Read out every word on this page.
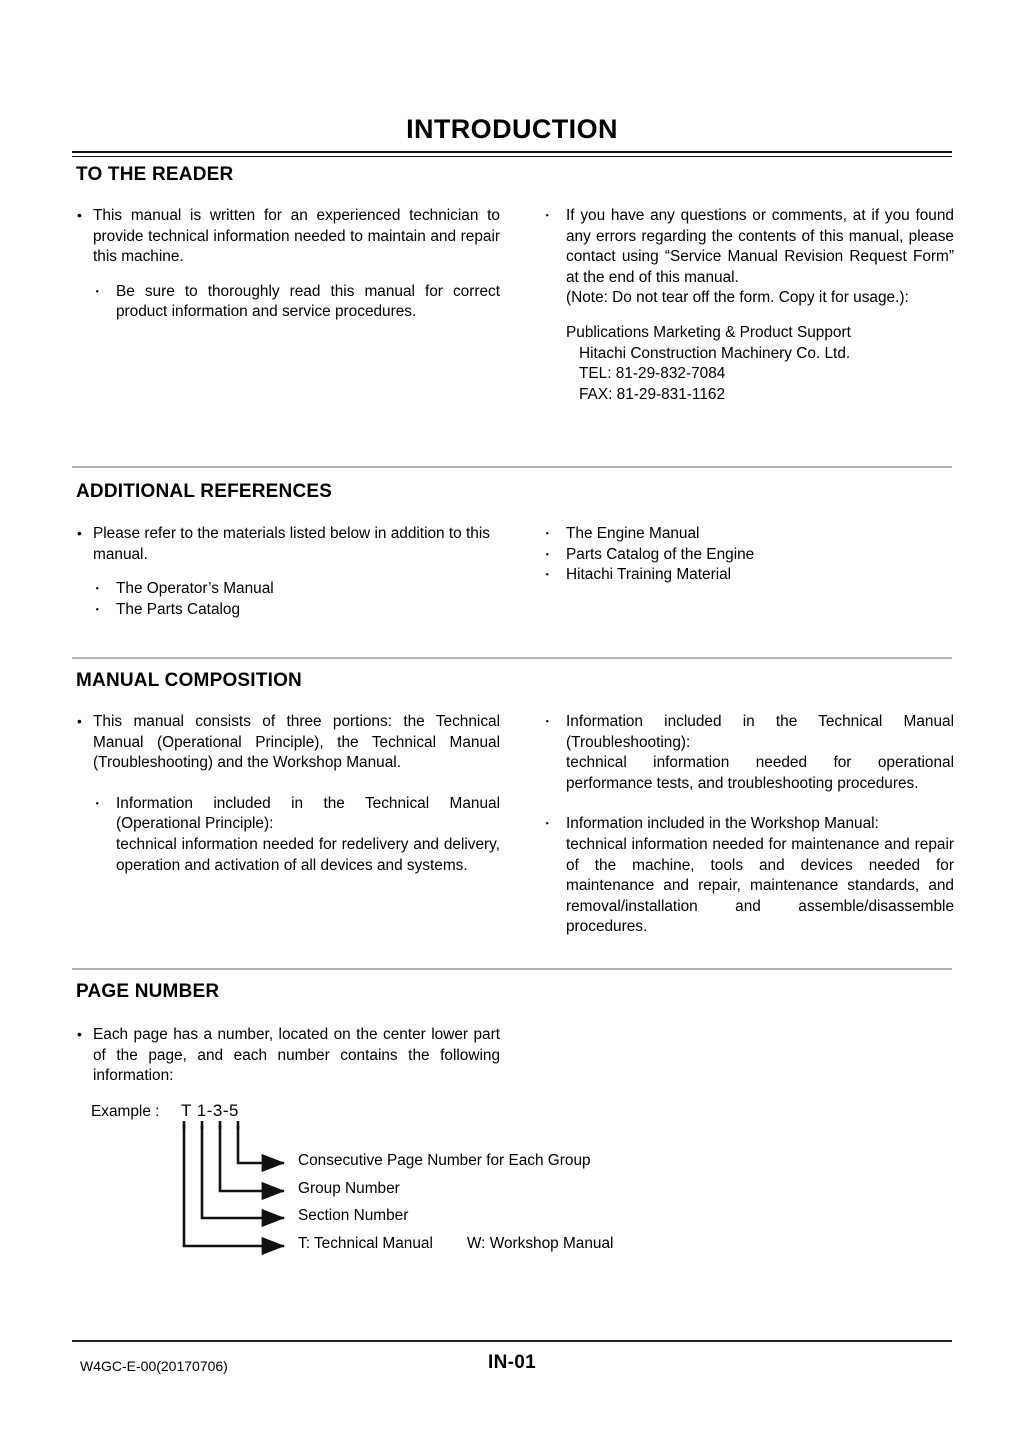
INTRODUCTION
TO THE READER

• This manual is written for an experienced technician to provide technical information needed to maintain and repair this machine.

･ Be sure to thoroughly read this manual for correct product information and service procedures.

･ If you have any questions or comments, at if you found any errors regarding the contents of this manual, please contact using “Service Manual Revision Request Form” at the end of this manual.

(Note: Do not tear off the form. Copy it for usage.):

Publications Marketing & Product Support

Hitachi Construction Machinery Co. Ltd.

TEL: 81-29-832-7084

FAX: 81-29-831-1162

ADDITIONAL REFERENCES

• Please refer to the materials listed below in addition to this manual.

･ The Operator’s Manual

･ The Parts Catalog

･ The Engine Manual

･ Parts Catalog of the Engine

･ Hitachi Training Material

MANUAL COMPOSITION

• This manual consists of three portions: the Technical Manual (Operational Principle), the Technical Manual (Troubleshooting) and the Workshop Manual.

･ Information included in the Technical Manual (Operational Principle):

technical information needed for redelivery and delivery, operation and activation of all devices and systems.

･ Information included in the Technical Manual (Troubleshooting):

technical information needed for operational performance tests, and troubleshooting procedures.

･ Information included in the Workshop Manual:

technical information needed for maintenance and repair of the machine, tools and devices needed for maintenance and repair, maintenance standards, and removal/installation and assemble/disassemble procedures.

PAGE NUMBER

• Each page has a number, located on the center lower part of the page, and each number contains the following information:

Example : T 1-3-5
Consecutive Page Number for Each Group
Group Number
Section Number
T: Technical Manual W: Workshop Manual
W4GC-E-00(20170706)	IN-01
